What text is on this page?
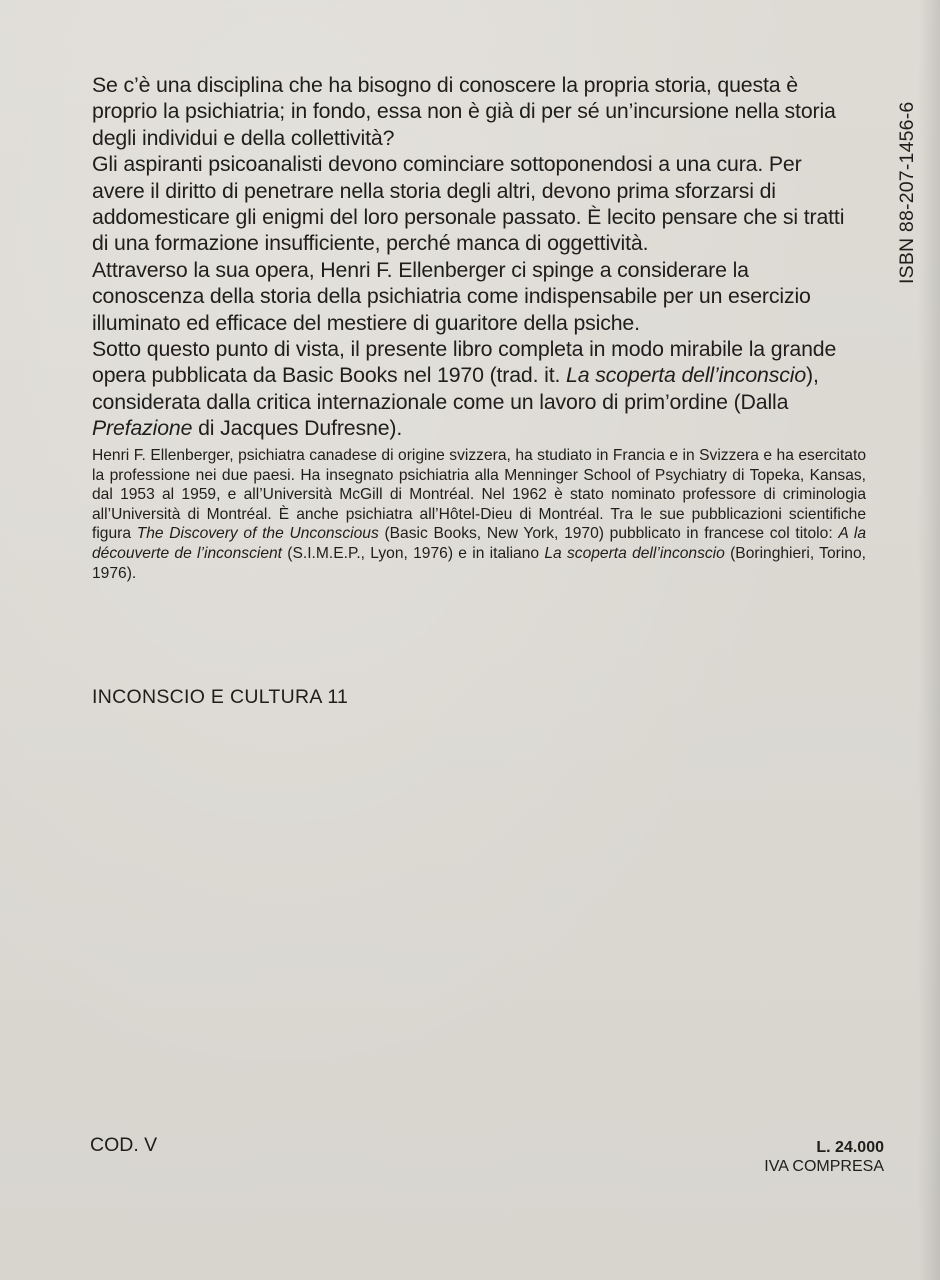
Se c’è una disciplina che ha bisogno di conoscere la propria storia, questa è proprio la psichiatria; in fondo, essa non è già di per sé un’incursione nella storia degli individui e della collettività?

Gli aspiranti psicoanalisti devono cominciare sottoponendosi a una cura. Per avere il diritto di penetrare nella storia degli altri, devono prima sforzarsi di addomesticare gli enigmi del loro personale passato. È lecito pensare che si tratti di una formazione insufficiente, perché manca di oggettività.

Attraverso la sua opera, Henri F. Ellenberger ci spinge a considerare la conoscenza della storia della psichiatria come indispensabile per un esercizio illuminato ed efficace del mestiere di guaritore della psiche.

Sotto questo punto di vista, il presente libro completa in modo mirabile la grande opera pubblicata da Basic Books nel 1970 (trad. it. La scoperta dell’inconscio), considerata dalla critica internazionale come un lavoro di prim’ordine (Dalla Prefazione di Jacques Dufresne).

ISBN 88-207-1456-6

Henri F. Ellenberger, psichiatra canadese di origine svizzera, ha studiato in Francia e in Svizzera e ha esercitato la professione nei due paesi. Ha insegnato psichiatria alla Menninger School of Psychiatry di Topeka, Kansas, dal 1953 al 1959, e all’Università McGill di Montréal. Nel 1962 è stato nominato professore di criminologia all’Università di Montréal. È anche psichiatra all’Hôtel-Dieu di Montréal. Tra le sue pubblicazioni scientifiche figura The Discovery of the Unconscious (Basic Books, New York, 1970) pubblicato in francese col titolo: A la découverte de l’inconscient (S.I.M.E.P., Lyon, 1976) e in italiano La scoperta dell’inconscio (Boringhieri, Torino, 1976).

INCONSCIO E CULTURA 11
COD. V	L. 24.000
IVA COMPRESA
